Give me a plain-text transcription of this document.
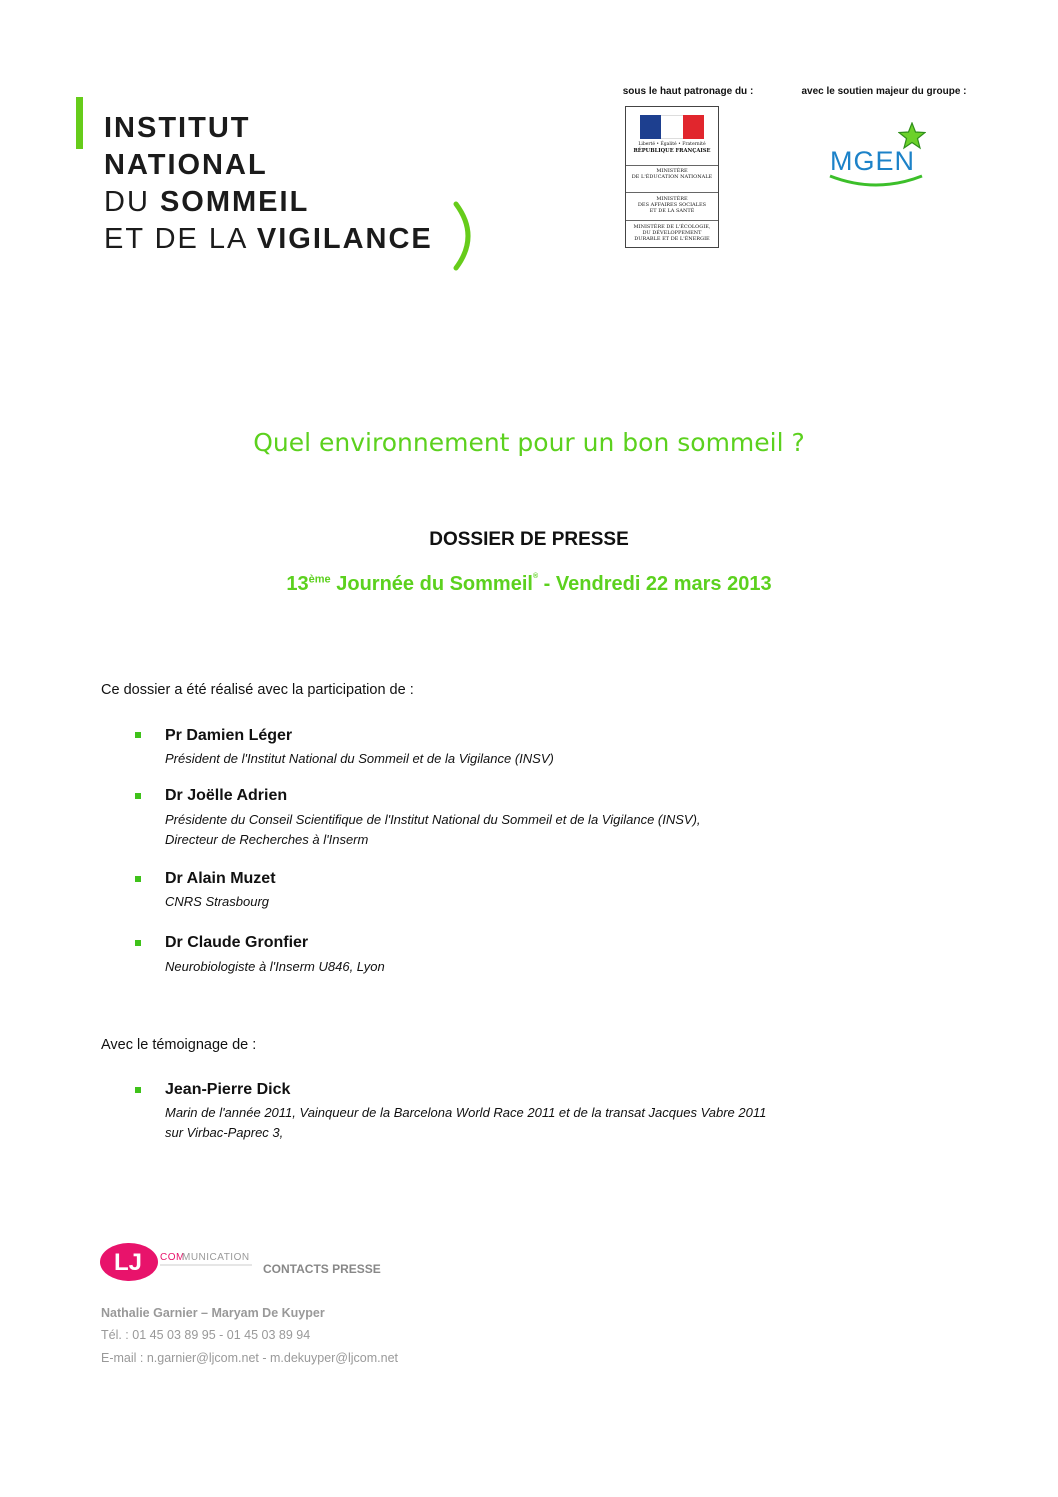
INSTITUT
NATIONAL
DU SOMMEIL
ET DE LA VIGILANCE
sous le haut patronage du :	avec le soutien majeur du groupe :
Liberté • Égalité • Fraternité
RÉPUBLIQUE FRANÇAISE
MINISTÈRE
DE L'ÉDUCATION NATIONALE
MINISTÈRE
DES AFFAIRES SOCIALES
ET DE LA SANTÉ
MINISTÈRE DE L'ÉCOLOGIE,
DU DÉVELOPPEMENT
DURABLE ET DE L'ÉNERGIE
MGEN
Quel environnement pour un bon sommeil ?
DOSSIER DE PRESSE
13ème Journée du Sommeil® - Vendredi 22 mars 2013
Ce dossier a été réalisé avec la participation de :
Pr Damien Léger
Président de l'Institut National du Sommeil et de la Vigilance (INSV)
Dr Joëlle Adrien
Présidente du Conseil Scientifique de l'Institut National du Sommeil et de la Vigilance (INSV),
Directeur de Recherches à l'Inserm
Dr Alain Muzet
CNRS Strasbourg
Dr Claude Gronfier
Neurobiologiste à l'Inserm U846, Lyon
Avec le témoignage de :
Jean-Pierre Dick
Marin de l'année 2011, Vainqueur de la Barcelona World Race 2011 et de la transat Jacques Vabre 2011
sur Virbac-Paprec 3,
LJ COM
MUNICATION
CONTACTS PRESSE
Nathalie Garnier – Maryam De Kuyper
Tél. : 01 45 03 89 95 - 01 45 03 89 94
E-mail : n.garnier@ljcom.net - m.dekuyper@ljcom.net
